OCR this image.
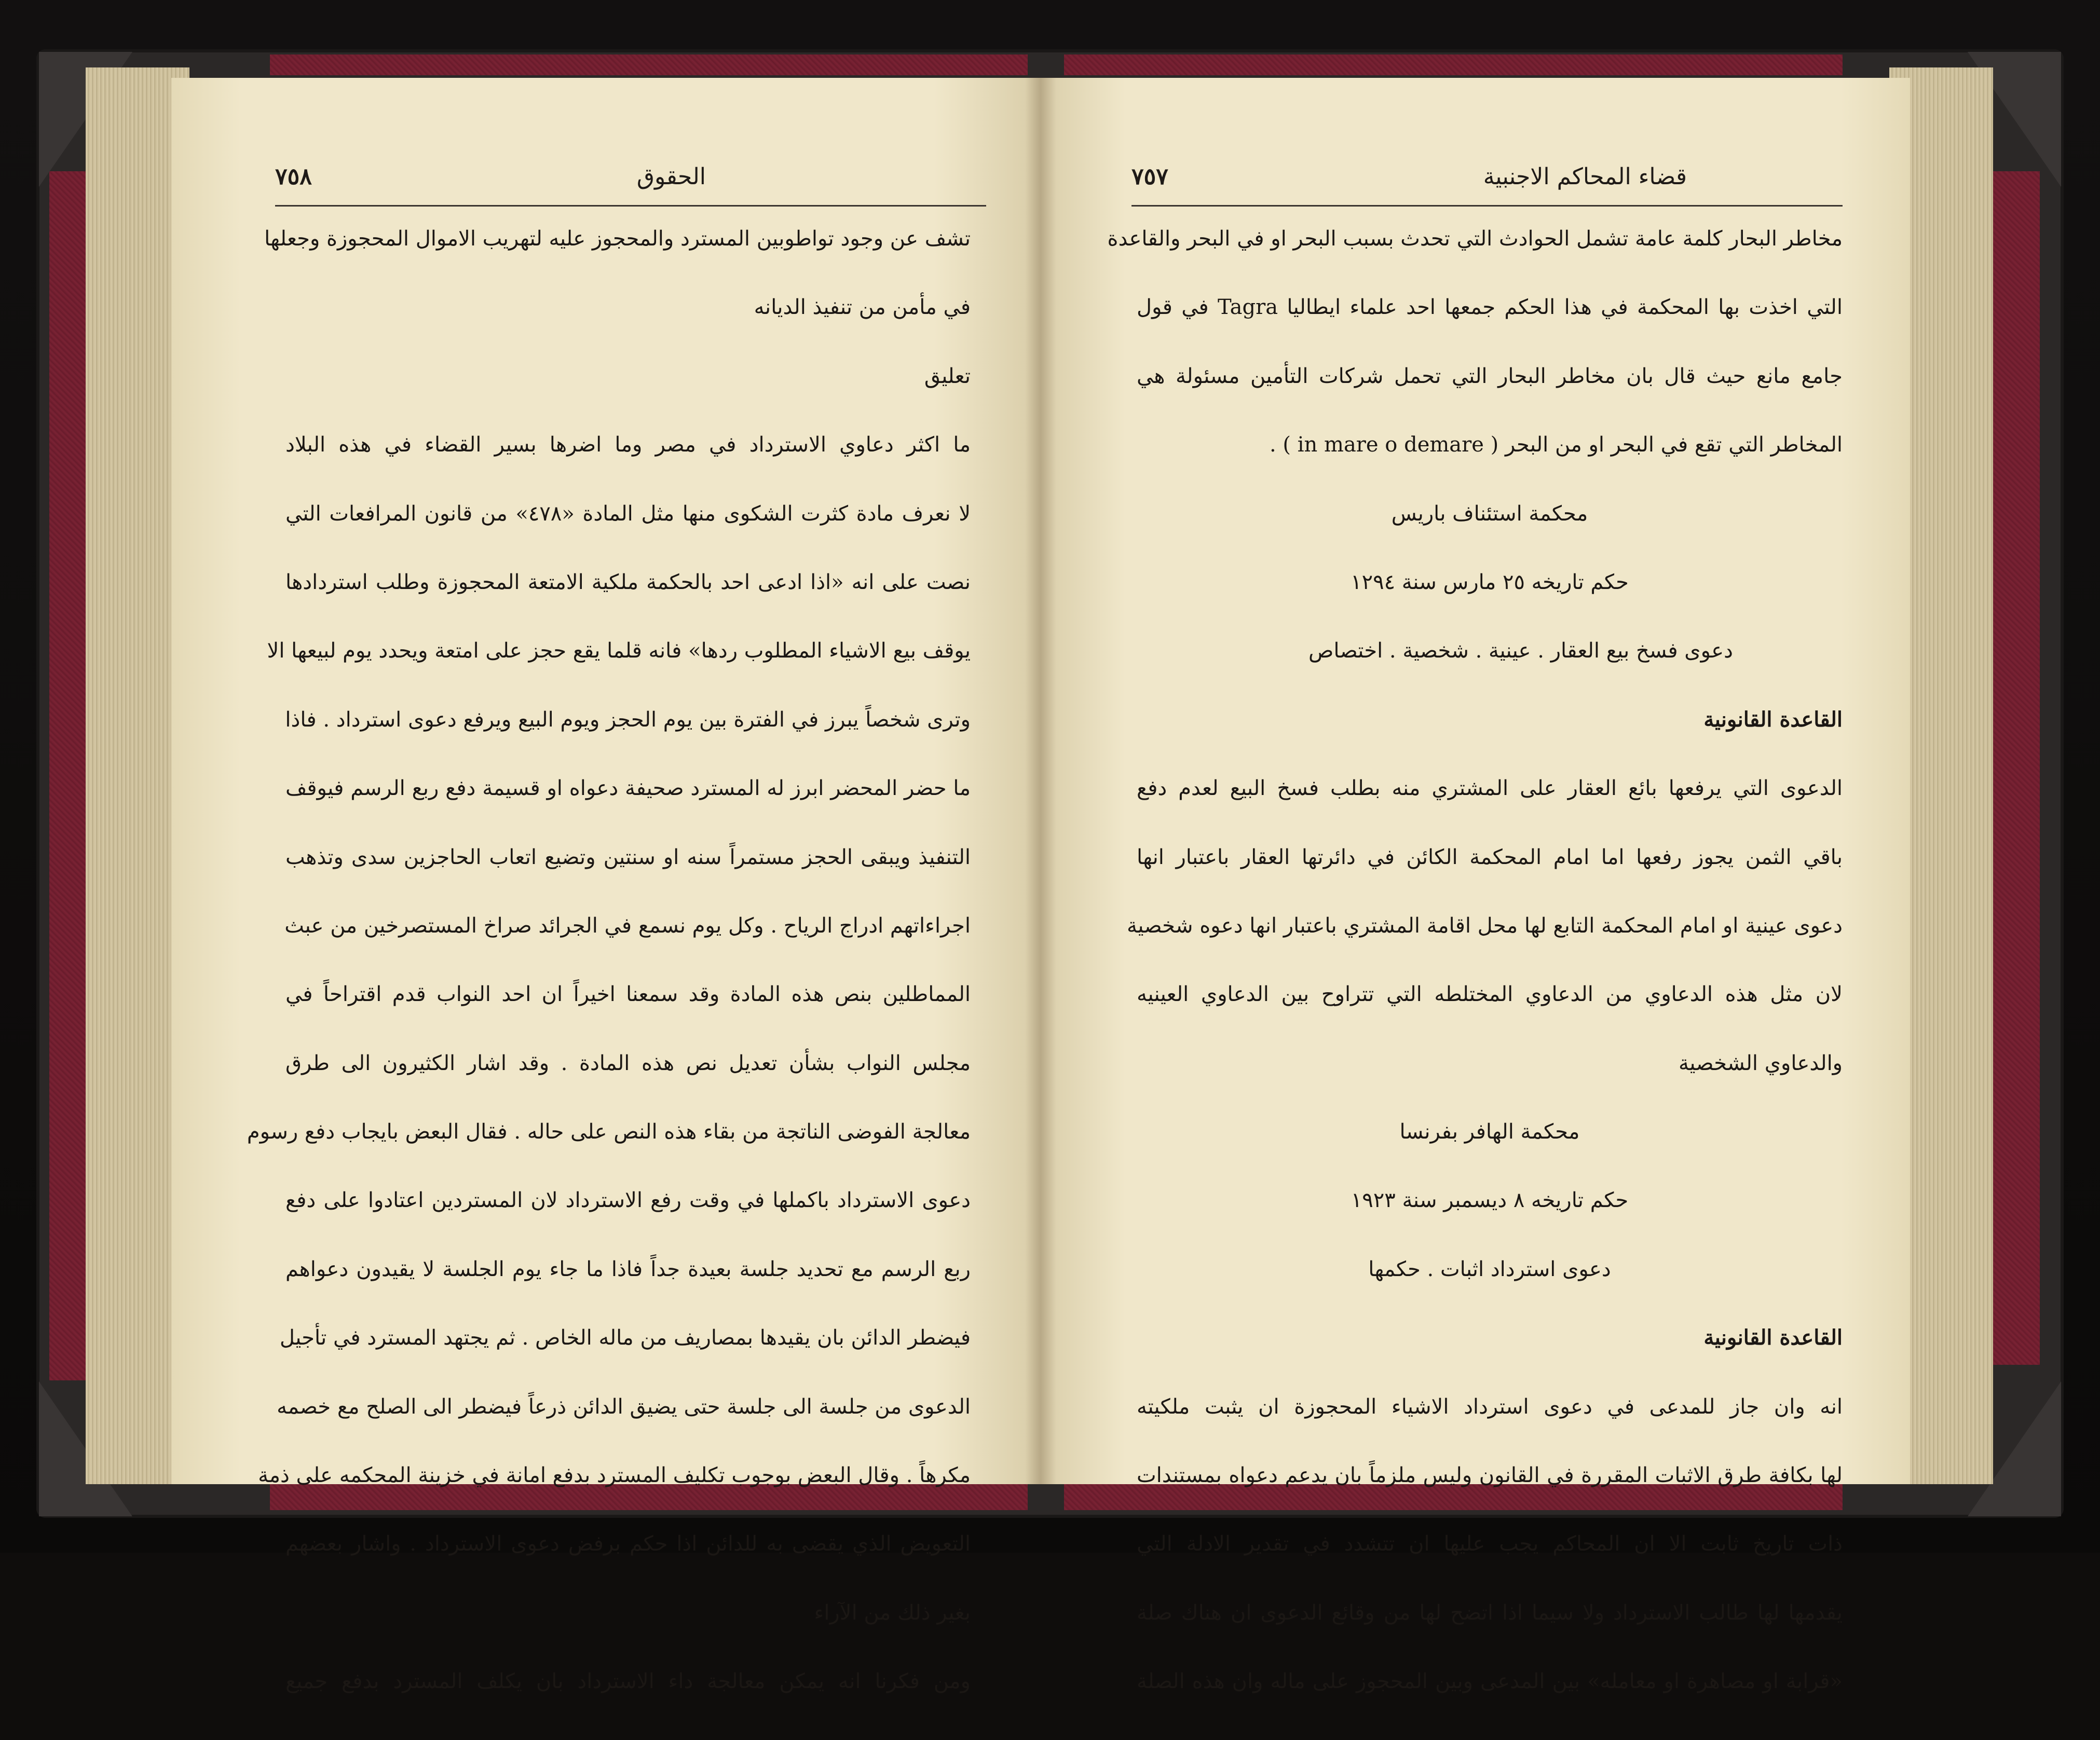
٧٥٨	الحقوق
تشف عن وجود تواطوبين المسترد والمحجوز عليه لتهريب الاموال المحجوزة وجعلها
في مأمن من تنفيذ الديانه
تعليق
ما اكثر دعاوي الاسترداد في مصر وما اضرها بسير القضاء في هذه البلاد
لا نعرف مادة كثرت الشكوى منها مثل المادة «٤٧٨» من قانون المرافعات التي
نصت على انه «اذا ادعى احد بالحكمة ملكية الامتعة المحجوزة وطلب استردادها
يوقف بيع الاشياء المطلوب ردها» فانه قلما يقع حجز على امتعة ويحدد يوم لبيعها الا
وترى شخصاً يبرز في الفترة بين يوم الحجز ويوم البيع ويرفع دعوى استرداد . فاذا
ما حضر المحضر ابرز له المسترد صحيفة دعواه او قسيمة دفع ربع الرسم فيوقف
التنفيذ ويبقى الحجز مستمراً سنه او سنتين وتضيع اتعاب الحاجزين سدى وتذهب
اجراءاتهم ادراج الرياح . وكل يوم نسمع في الجرائد صراخ المستصرخين من عبث
المماطلين بنص هذه المادة وقد سمعنا اخيراً ان احد النواب قدم اقتراحاً في
مجلس النواب بشأن تعديل نص هذه المادة . وقد اشار الكثيرون الى طرق
معالجة الفوضى الناتجة من بقاء هذه النص على حاله . فقال البعض بايجاب دفع رسوم
دعوى الاسترداد باكملها في وقت رفع الاسترداد لان المستردين اعتادوا على دفع
ربع الرسم مع تحديد جلسة بعيدة جداً فاذا ما جاء يوم الجلسة لا يقيدون دعواهم
فيضطر الدائن بان يقيدها بمصاريف من ماله الخاص . ثم يجتهد المسترد في تأجيل
الدعوى من جلسة الى جلسة حتى يضيق الدائن ذرعاً فيضطر الى الصلح مع خصمه
مكرهاً . وقال البعض بوجوب تكليف المسترد بدفع امانة في خزينة المحكمه على ذمة
التعويض الذي يقضى به للدائن اذا حكم برفض دعوى الاسترداد . واشار بعضهم
بغير ذلك من الآراء
ومن فكرنا انه يمكن معالجة داء الاسترداد بان يكلف المسترد بدفع جميع
٧٥٧	قضاء المحاكم الاجنبية
مخاطر البحار كلمة عامة تشمل الحوادث التي تحدث بسبب البحر او في البحر والقاعدة
التي اخذت بها المحكمة في هذا الحكم جمعها احد علماء ايطاليا Tagra في قول
جامع مانع حيث قال بان مخاطر البحار التي تحمل شركات التأمين مسئولة هي
المخاطر التي تقع في البحر او من البحر ( in mare o demare ) .
محكمة استئناف باريس
حكم تاريخه ٢٥ مارس سنة ١٢٩٤
دعوى فسخ بيع العقار . عينية . شخصية . اختصاص
القاعدة القانونية
الدعوى التي يرفعها بائع العقار على المشتري منه بطلب فسخ البيع لعدم دفع
باقي الثمن يجوز رفعها اما امام المحكمة الكائن في دائرتها العقار باعتبار انها
دعوى عينية او امام المحكمة التابع لها محل اقامة المشتري باعتبار انها دعوه شخصية
لان مثل هذه الدعاوي من الدعاوي المختلطه التي تتراوح بين الدعاوي العينيه
والدعاوي الشخصية
محكمة الهافر بفرنسا
حكم تاريخه ٨ ديسمبر سنة ١٩٢٣
دعوى استرداد اثبات . حكمها
القاعدة القانونية
انه وان جاز للمدعى في دعوى استرداد الاشياء المحجوزة ان يثبت ملكيته
لها بكافة طرق الاثبات المقررة في القانون وليس ملزماً بان يدعم دعواه بمستندات
ذات تاريخ ثابت الا ان المحاكم يجب عليها ان تتشدد في تقدير الادلة التي
يقدمها لها طالب الاسترداد ولا سيما اذا اتضح لها من وقائع الدعوى ان هناك صلة
«قرابة او مصاهرة او معامله» بين المدعى وبين المحجوز على ماله وان هذه الصلة
